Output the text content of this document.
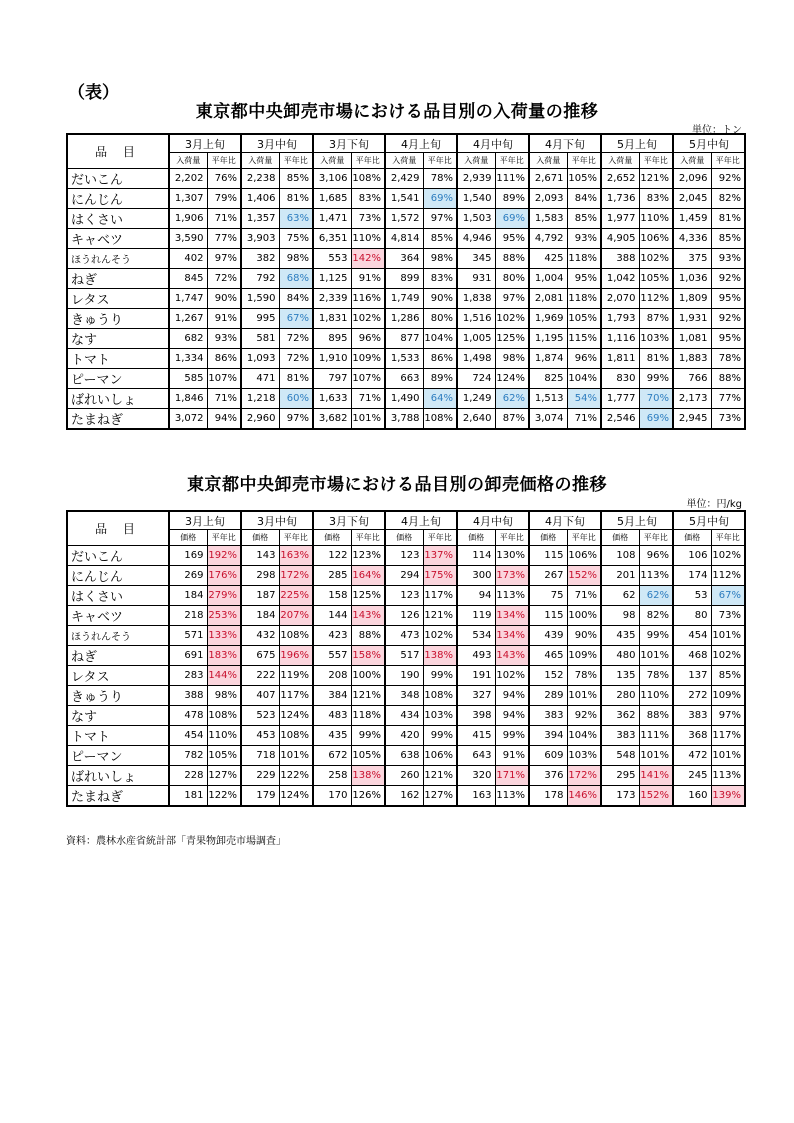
（表）
東京都中央卸売市場における品目別の入荷量の推移
単位：トン
品 目	3月上旬		3月中旬		3月下旬		4月上旬		4月中旬		4月下旬		5月上旬		5月中旬	
	入荷量	平年比	入荷量	平年比	入荷量	平年比	入荷量	平年比	入荷量	平年比	入荷量	平年比	入荷量	平年比	入荷量	平年比
だいこん	2,202	76%	2,238	85%	3,106	108%	2,429	78%	2,939	111%	2,671	105%	2,652	121%	2,096	92%
にんじん	1,307	79%	1,406	81%	1,685	83%	1,541	69%	1,540	89%	2,093	84%	1,736	83%	2,045	82%
はくさい	1,906	71%	1,357	63%	1,471	73%	1,572	97%	1,503	69%	1,583	85%	1,977	110%	1,459	81%
キャベツ	3,590	77%	3,903	75%	6,351	110%	4,814	85%	4,946	95%	4,792	93%	4,905	106%	4,336	85%
ほうれんそう	402	97%	382	98%	553	142%	364	98%	345	88%	425	118%	388	102%	375	93%
ねぎ	845	72%	792	68%	1,125	91%	899	83%	931	80%	1,004	95%	1,042	105%	1,036	92%
レタス	1,747	90%	1,590	84%	2,339	116%	1,749	90%	1,838	97%	2,081	118%	2,070	112%	1,809	95%
きゅうり	1,267	91%	995	67%	1,831	102%	1,286	80%	1,516	102%	1,969	105%	1,793	87%	1,931	92%
なす	682	93%	581	72%	895	96%	877	104%	1,005	125%	1,195	115%	1,116	103%	1,081	95%
トマト	1,334	86%	1,093	72%	1,910	109%	1,533	86%	1,498	98%	1,874	96%	1,811	81%	1,883	78%
ピーマン	585	107%	471	81%	797	107%	663	89%	724	124%	825	104%	830	99%	766	88%
ばれいしょ	1,846	71%	1,218	60%	1,633	71%	1,490	64%	1,249	62%	1,513	54%	1,777	70%	2,173	77%
たまねぎ	3,072	94%	2,960	97%	3,682	101%	3,788	108%	2,640	87%	3,074	71%	2,546	69%	2,945	73%
東京都中央卸売市場における品目別の卸売価格の推移
単位：円/kg
品 目	3月上旬		3月中旬		3月下旬		4月上旬		4月中旬		4月下旬		5月上旬		5月中旬	
	価格	平年比	価格	平年比	価格	平年比	価格	平年比	価格	平年比	価格	平年比	価格	平年比	価格	平年比
だいこん	169	192%	143	163%	122	123%	123	137%	114	130%	115	106%	108	96%	106	102%
にんじん	269	176%	298	172%	285	164%	294	175%	300	173%	267	152%	201	113%	174	112%
はくさい	184	279%	187	225%	158	125%	123	117%	94	113%	75	71%	62	62%	53	67%
キャベツ	218	253%	184	207%	144	143%	126	121%	119	134%	115	100%	98	82%	80	73%
ほうれんそう	571	133%	432	108%	423	88%	473	102%	534	134%	439	90%	435	99%	454	101%
ねぎ	691	183%	675	196%	557	158%	517	138%	493	143%	465	109%	480	101%	468	102%
レタス	283	144%	222	119%	208	100%	190	99%	191	102%	152	78%	135	78%	137	85%
きゅうり	388	98%	407	117%	384	121%	348	108%	327	94%	289	101%	280	110%	272	109%
なす	478	108%	523	124%	483	118%	434	103%	398	94%	383	92%	362	88%	383	97%
トマト	454	110%	453	108%	435	99%	420	99%	415	99%	394	104%	383	111%	368	117%
ピーマン	782	105%	718	101%	672	105%	638	106%	643	91%	609	103%	548	101%	472	101%
ばれいしょ	228	127%	229	122%	258	138%	260	121%	320	171%	376	172%	295	141%	245	113%
たまねぎ	181	122%	179	124%	170	126%	162	127%	163	113%	178	146%	173	152%	160	139%
資料：農林水産省統計部「青果物卸売市場調査」
